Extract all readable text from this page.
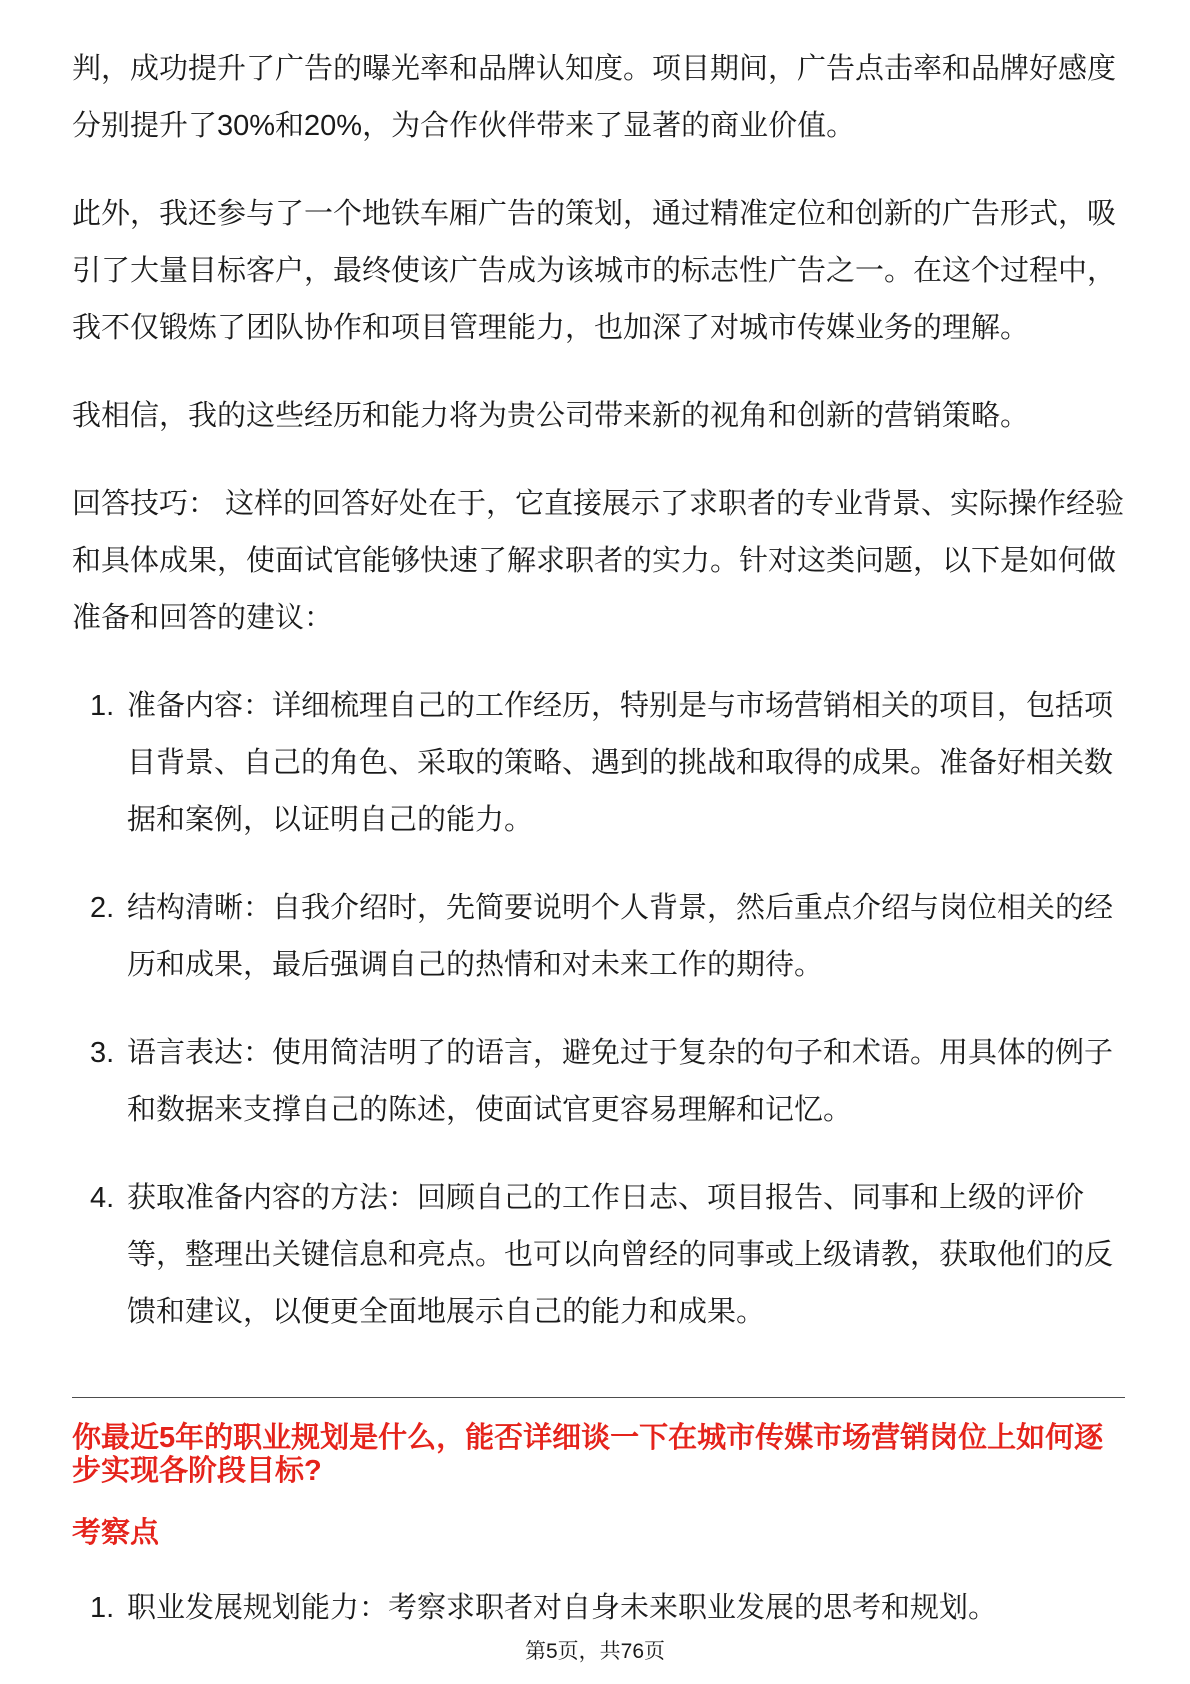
判，成功提升了广告的曝光率和品牌认知度。项目期间，广告点击率和品牌好感度分别提升了30%和20%，为合作伙伴带来了显著的商业价值。

此外，我还参与了一个地铁车厢广告的策划，通过精准定位和创新的广告形式，吸引了大量目标客户，最终使该广告成为该城市的标志性广告之一。在这个过程中，我不仅锻炼了团队协作和项目管理能力，也加深了对城市传媒业务的理解。

我相信，我的这些经历和能力将为贵公司带来新的视角和创新的营销策略。

回答技巧： 这样的回答好处在于，它直接展示了求职者的专业背景、实际操作经验和具体成果，使面试官能够快速了解求职者的实力。针对这类问题，以下是如何做准备和回答的建议：

1. 准备内容：详细梳理自己的工作经历，特别是与市场营销相关的项目，包括项目背景、自己的角色、采取的策略、遇到的挑战和取得的成果。准备好相关数据和案例，以证明自己的能力。
2. 结构清晰：自我介绍时，先简要说明个人背景，然后重点介绍与岗位相关的经历和成果，最后强调自己的热情和对未来工作的期待。
3. 语言表达：使用简洁明了的语言，避免过于复杂的句子和术语。用具体的例子和数据来支撑自己的陈述，使面试官更容易理解和记忆。
4. 获取准备内容的方法：回顾自己的工作日志、项目报告、同事和上级的评价等，整理出关键信息和亮点。也可以向曾经的同事或上级请教，获取他们的反馈和建议，以便更全面地展示自己的能力和成果。
你最近5年的职业规划是什么，能否详细谈一下在城市传媒市场营销岗位上如何逐步实现各阶段目标?
考察点
1. 职业发展规划能力：考察求职者对自身未来职业发展的思考和规划。
第5页，共76页
